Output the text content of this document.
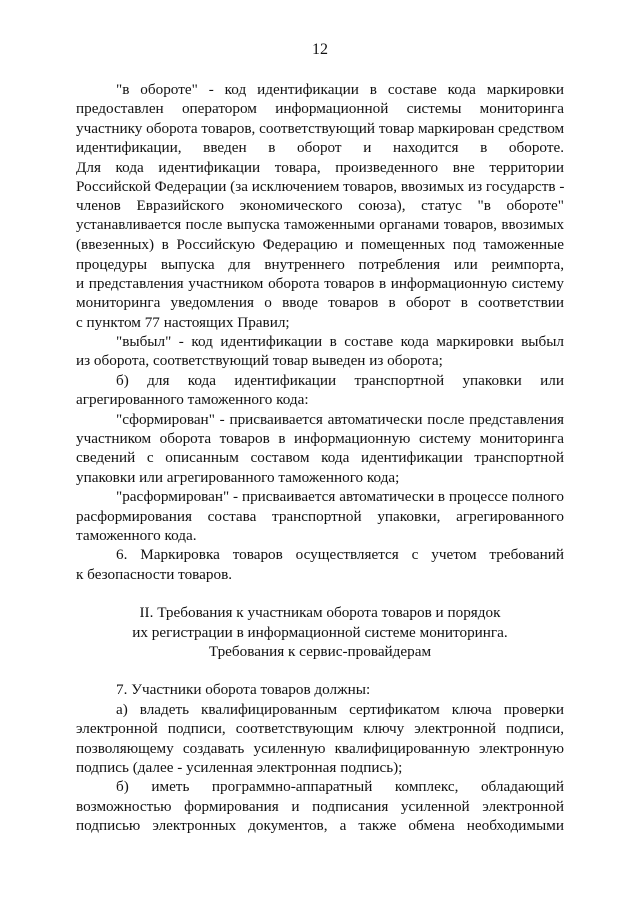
12
"в обороте" - код идентификации в составе кода маркировки
предоставлен оператором информационной системы мониторинга
участнику оборота товаров, соответствующий товар маркирован средством
идентификации, введен в оборот и находится в обороте.
Для кода идентификации товара, произведенного вне территории
Российской Федерации (за исключением товаров, ввозимых из государств -
членов Евразийского экономического союза), статус "в обороте"
устанавливается после выпуска таможенными органами товаров, ввозимых
(ввезенных) в Российскую Федерацию и помещенных под таможенные
процедуры выпуска для внутреннего потребления или реимпорта,
и представления участником оборота товаров в информационную систему
мониторинга уведомления о вводе товаров в оборот в соответствии
с пунктом 77 настоящих Правил;
"выбыл" - код идентификации в составе кода маркировки выбыл
из оборота, соответствующий товар выведен из оборота;
б) для кода идентификации транспортной упаковки или
агрегированного таможенного кода:
"сформирован" - присваивается автоматически после представления
участником оборота товаров в информационную систему мониторинга
сведений с описанным составом кода идентификации транспортной
упаковки или агрегированного таможенного кода;
"расформирован" - присваивается автоматически в процессе полного
расформирования состава транспортной упаковки, агрегированного
таможенного кода.
6. Маркировка товаров осуществляется с учетом требований
к безопасности товаров.
II. Требования к участникам оборота товаров и порядок
их регистрации в информационной системе мониторинга.
Требования к сервис-провайдерам
7. Участники оборота товаров должны:
а) владеть квалифицированным сертификатом ключа проверки
электронной подписи, соответствующим ключу электронной подписи,
позволяющему создавать усиленную квалифицированную электронную
подпись (далее - усиленная электронная подпись);
б) иметь программно-аппаратный комплекс, обладающий
возможностью формирования и подписания усиленной электронной
подписью электронных документов, а также обмена необходимыми
